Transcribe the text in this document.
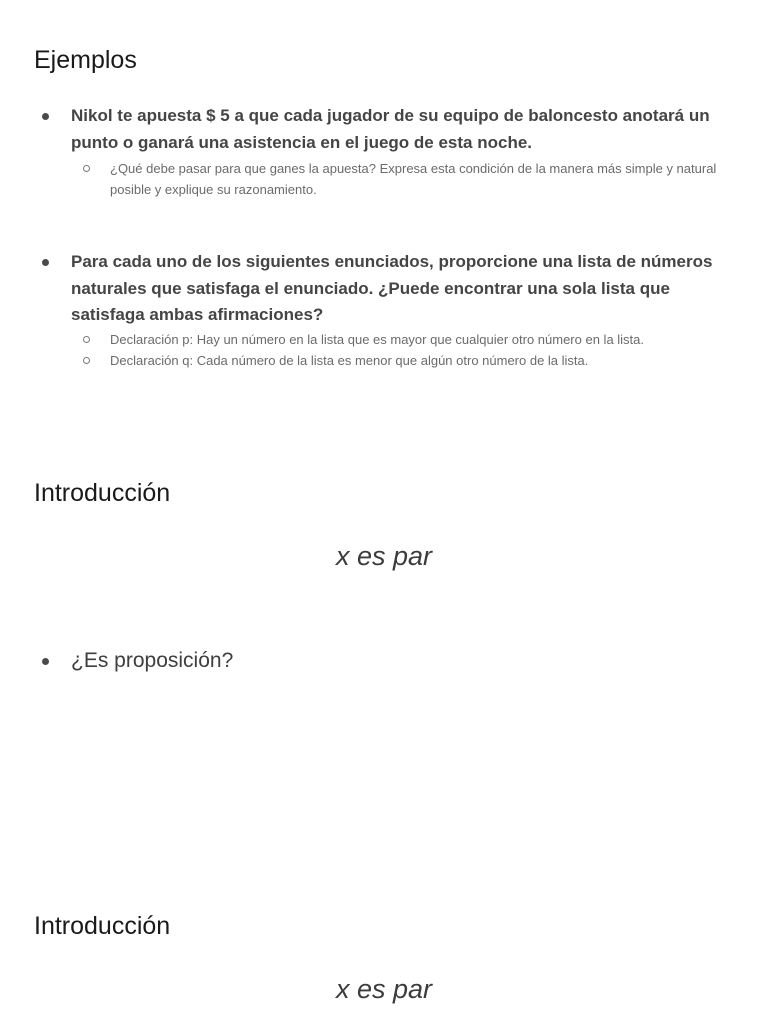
Ejemplos
Nikol te apuesta $ 5 a que cada jugador de su equipo de baloncesto anotará un punto o ganará una asistencia en el juego de esta noche.
¿Qué debe pasar para que ganes la apuesta? Expresa esta condición de la manera más simple y natural posible y explique su razonamiento.
Para cada uno de los siguientes enunciados, proporcione una lista de números naturales que satisfaga el enunciado. ¿Puede encontrar una sola lista que satisfaga ambas afirmaciones?
Declaración p: Hay un número en la lista que es mayor que cualquier otro número en la lista.
Declaración q: Cada número de la lista es menor que algún otro número de la lista.
Introducción
x es par
¿Es proposición?
Introducción
x es par
